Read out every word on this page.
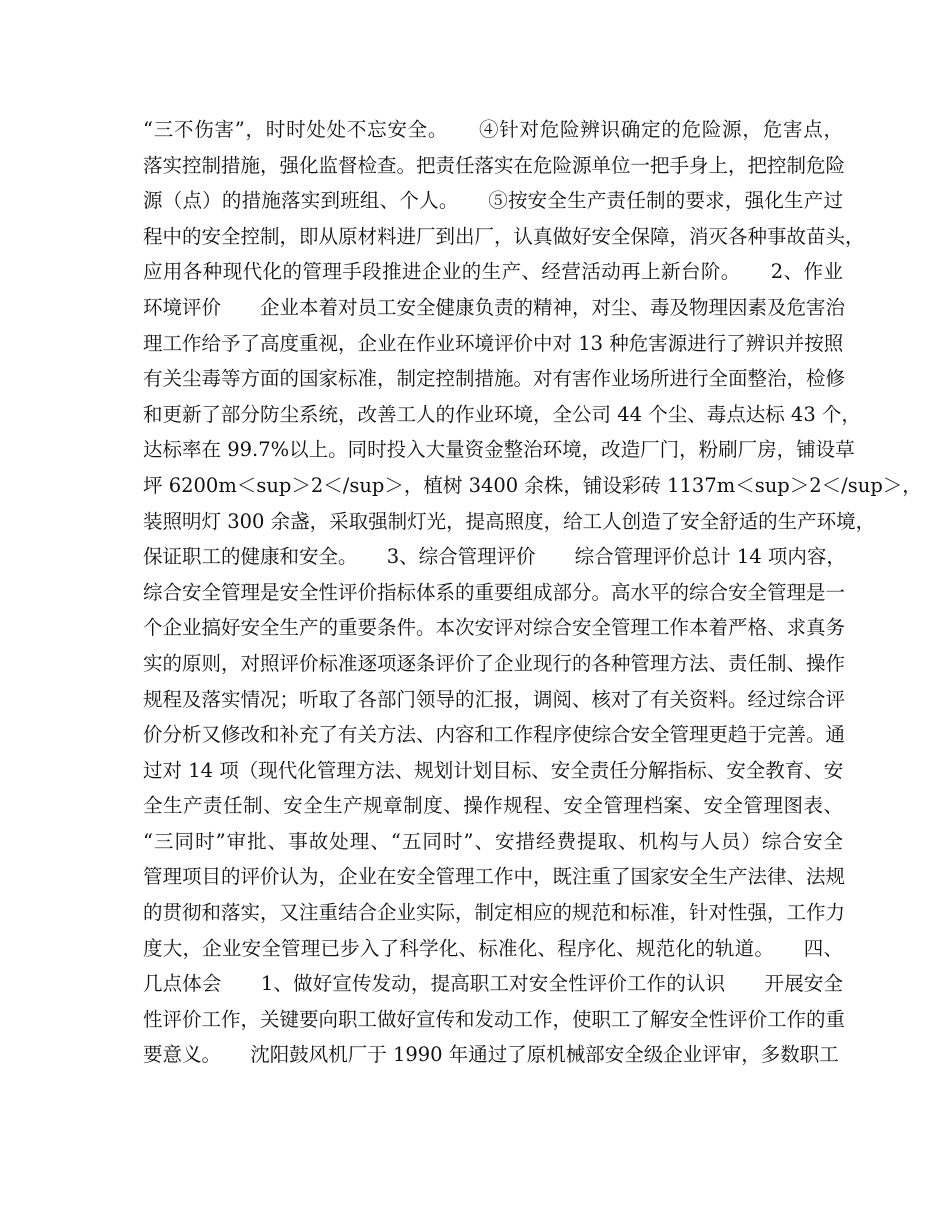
“三不伤害”，时时处处不忘安全。　　④针对危险辨识确定的危险源，危害点，
落实控制措施，强化监督检查。把责任落实在危险源单位一把手身上，把控制危险
源（点）的措施落实到班组、个人。　　⑤按安全生产责任制的要求，强化生产过
程中的安全控制，即从原材料进厂到出厂，认真做好安全保障，消灭各种事故苗头，
应用各种现代化的管理手段推进企业的生产、经营活动再上新台阶。　　2、作业
环境评价　　企业本着对员工安全健康负责的精神，对尘、毒及物理因素及危害治
理工作给予了高度重视，企业在作业环境评价中对 13 种危害源进行了辨识并按照
有关尘毒等方面的国家标准，制定控制措施。对有害作业场所进行全面整治，检修
和更新了部分防尘系统，改善工人的作业环境，全公司 44 个尘、毒点达标 43 个，
达标率在 99.7%以上。同时投入大量资金整治环境，改造厂门，粉刷厂房，铺设草
坪 6200m＜sup＞2＜/sup＞，植树 3400 余株，铺设彩砖 1137m＜sup＞2＜/sup＞，
装照明灯 300 余盏，采取强制灯光，提高照度，给工人创造了安全舒适的生产环境，
保证职工的健康和安全。　　3、综合管理评价　　综合管理评价总计 14 项内容，
综合安全管理是安全性评价指标体系的重要组成部分。高水平的综合安全管理是一
个企业搞好安全生产的重要条件。本次安评对综合安全管理工作本着严格、求真务
实的原则，对照评价标准逐项逐条评价了企业现行的各种管理方法、责任制、操作
规程及落实情况；听取了各部门领导的汇报，调阅、核对了有关资料。经过综合评
价分析又修改和补充了有关方法、内容和工作程序使综合安全管理更趋于完善。通
过对 14 项（现代化管理方法、规划计划目标、安全责任分解指标、安全教育、安
全生产责任制、安全生产规章制度、操作规程、安全管理档案、安全管理图表、
“三同时”审批、事故处理、“五同时”、安措经费提取、机构与人员）综合安全
管理项目的评价认为，企业在安全管理工作中，既注重了国家安全生产法律、法规
的贯彻和落实，又注重结合企业实际，制定相应的规范和标准，针对性强，工作力
度大，企业安全管理已步入了科学化、标准化、程序化、规范化的轨道。　　四、
几点体会　　1、做好宣传发动，提高职工对安全性评价工作的认识　　开展安全
性评价工作，关键要向职工做好宣传和发动工作，使职工了解安全性评价工作的重
要意义。　　沈阳鼓风机厂于 1990 年通过了原机械部安全级企业评审，多数职工
